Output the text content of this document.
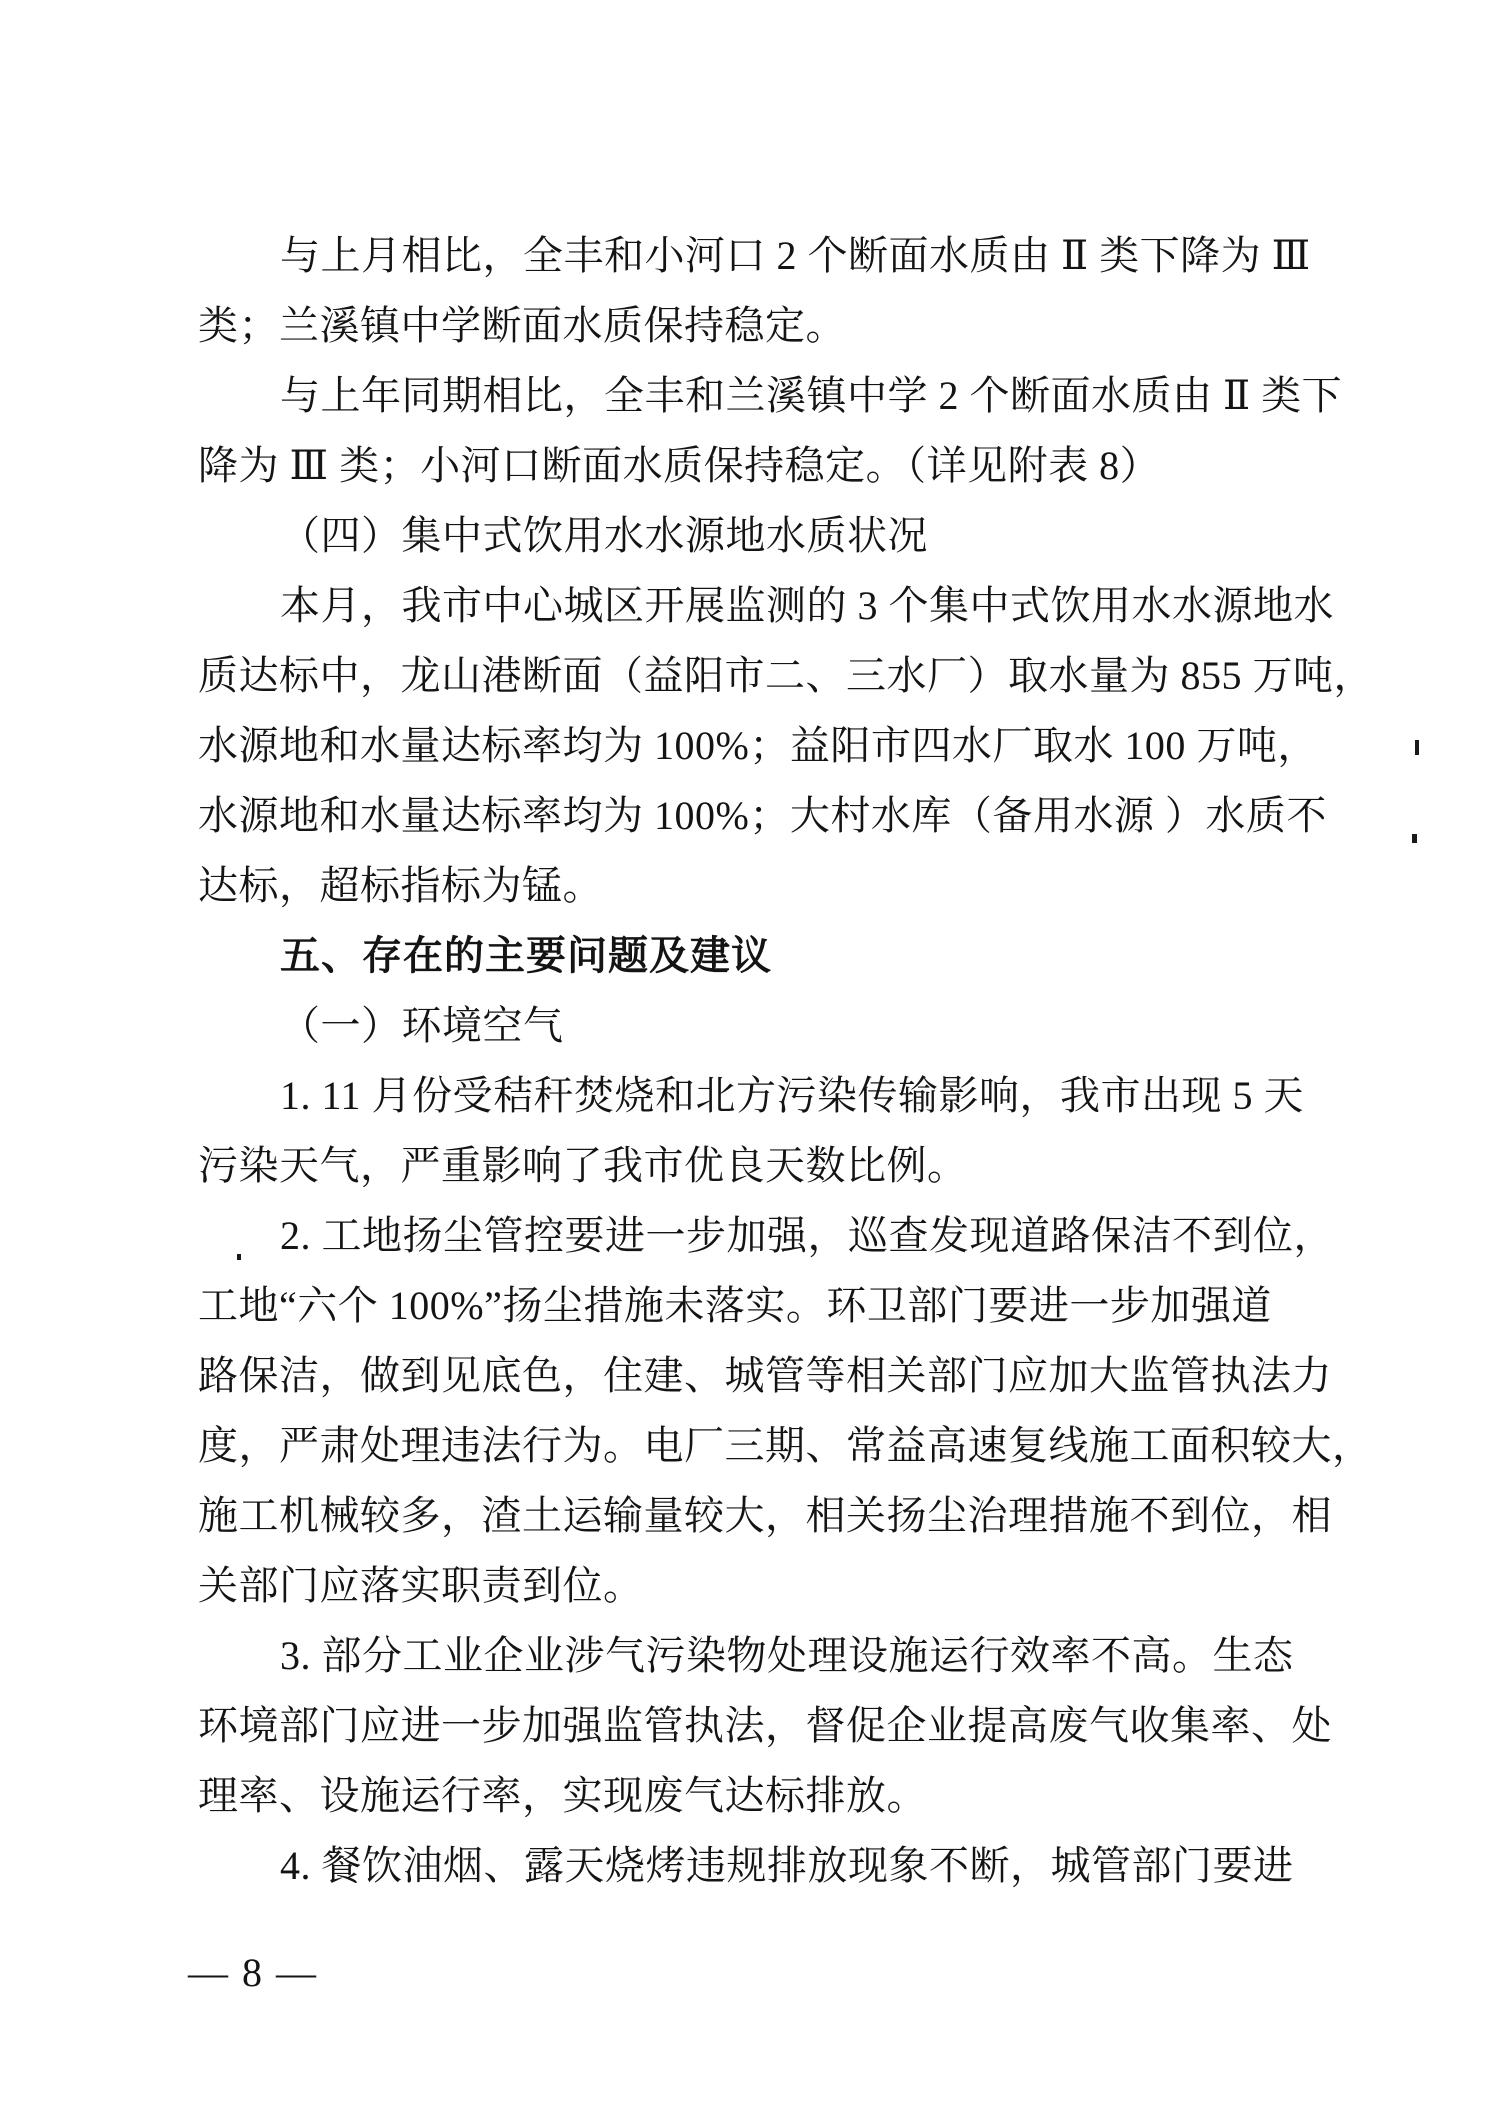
与上月相比，全丰和小河口 2 个断面水质由 Ⅱ 类下降为 Ⅲ
类；兰溪镇中学断面水质保持稳定。
与上年同期相比，全丰和兰溪镇中学 2 个断面水质由 Ⅱ 类下
降为 Ⅲ 类；小河口断面水质保持稳定。（详见附表 8）
（四）集中式饮用水水源地水质状况
本月，我市中心城区开展监测的 3 个集中式饮用水水源地水
质达标中，龙山港断面（益阳市二、三水厂）取水量为 855 万吨，
水源地和水量达标率均为 100%；益阳市四水厂取水 100 万吨，
水源地和水量达标率均为 100%；大村水库（备用水源 ）水质不
达标，超标指标为锰。
五、存在的主要问题及建议
（一）环境空气
1. 11 月份受秸秆焚烧和北方污染传输影响，我市出现 5 天
污染天气，严重影响了我市优良天数比例。
2. 工地扬尘管控要进一步加强，巡查发现道路保洁不到位，
工地“六个 100%”扬尘措施未落实。环卫部门要进一步加强道
路保洁，做到见底色，住建、城管等相关部门应加大监管执法力
度，严肃处理违法行为。电厂三期、常益高速复线施工面积较大，
施工机械较多，渣土运输量较大，相关扬尘治理措施不到位，相
关部门应落实职责到位。
3. 部分工业企业涉气污染物处理设施运行效率不高。生态
环境部门应进一步加强监管执法，督促企业提高废气收集率、处
理率、设施运行率，实现废气达标排放。
4. 餐饮油烟、露天烧烤违规排放现象不断，城管部门要进
— 8 —
